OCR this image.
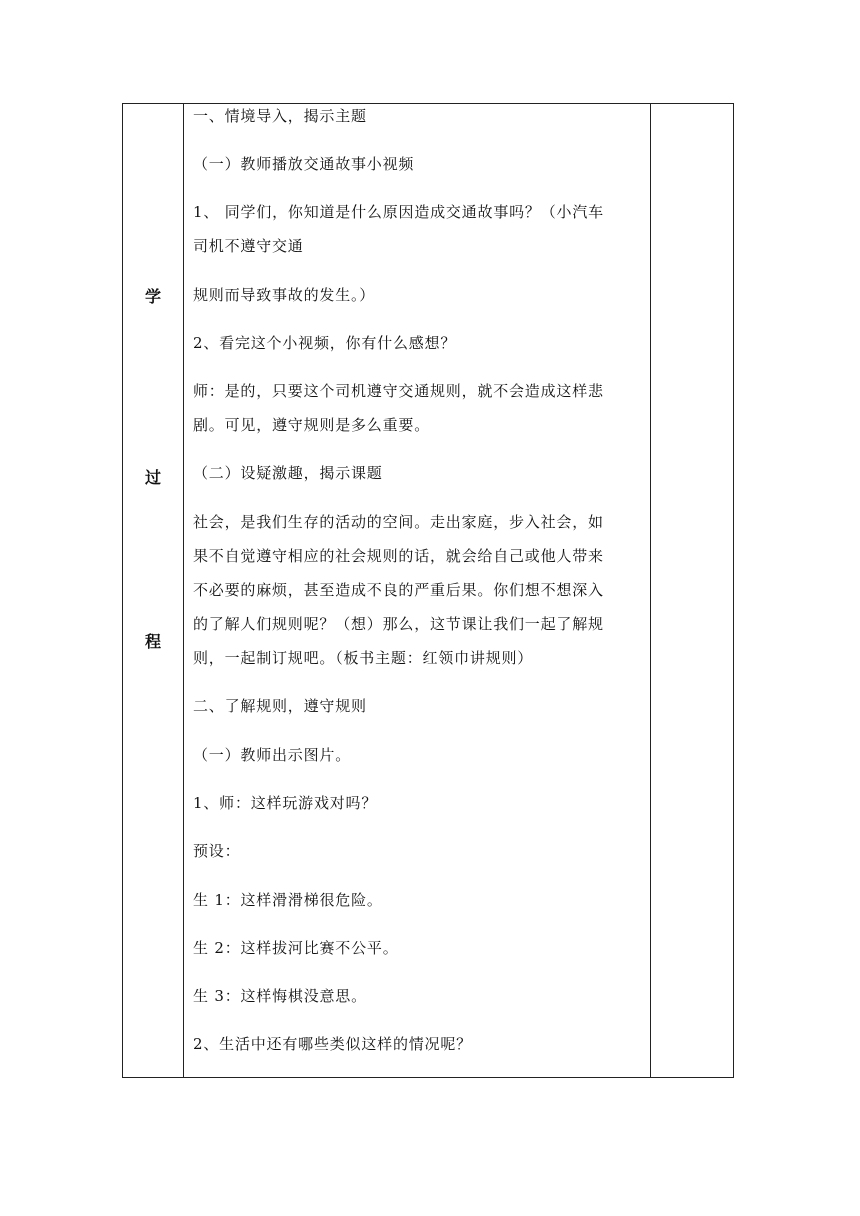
学
过
程
一、情境导入，揭示主题
（一）教师播放交通故事小视频
1、 同学们，你知道是什么原因造成交通故事吗？（小汽车
司机不遵守交通
规则而导致事故的发生。）
2、看完这个小视频，你有什么感想？
师：是的，只要这个司机遵守交通规则，就不会造成这样悲
剧。可见，遵守规则是多么重要。
（二）设疑激趣，揭示课题
社会，是我们生存的活动的空间。走出家庭，步入社会，如
果不自觉遵守相应的社会规则的话，就会给自己或他人带来
不必要的麻烦，甚至造成不良的严重后果。你们想不想深入
的了解人们规则呢？（想）那么，这节课让我们一起了解规
则，一起制订规吧。（板书主题：红领巾讲规则）
二、了解规则，遵守规则
（一）教师出示图片。
1、师：这样玩游戏对吗？
预设：
生 1：这样滑滑梯很危险。
生 2：这样拔河比赛不公平。
生 3：这样悔棋没意思。
2、生活中还有哪些类似这样的情况呢？
